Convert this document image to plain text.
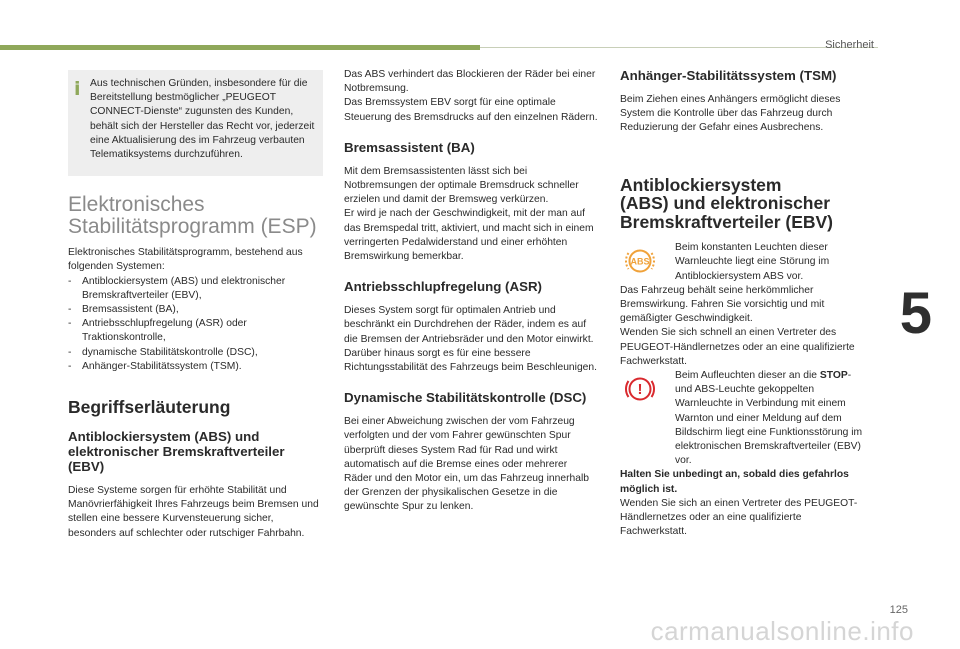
Sicherheit
5
i Aus technischen Gründen, insbesondere für die Bereitstellung bestmöglicher „PEUGEOT CONNECT-Dienste“ zugunsten des Kunden, behält sich der Hersteller das Recht vor, jederzeit eine Aktualisierung des im Fahrzeug verbauten Telematiksystems durchzuführen.

Elektronisches
Stabilitätsprogramm (ESP)

Elektronisches Stabilitätsprogramm, bestehend aus folgenden Systemen:

- Antiblockiersystem (ABS) und elektronischer Bremskraftverteiler (EBV),
- Bremsassistent (BA),
- Antriebsschlupfregelung (ASR) oder Traktionskontrolle,
- dynamische Stabilitätskontrolle (DSC),
- Anhänger-Stabilitätssystem (TSM).
Begriffserläuterung
Antiblockiersystem (ABS) und elektronischer Bremskraftverteiler (EBV)

Diese Systeme sorgen für erhöhte Stabilität und Manövrierfähigkeit Ihres Fahrzeugs beim Bremsen und stellen eine bessere Kurvensteuerung sicher, besonders auf schlechter oder rutschiger Fahrbahn.

Das ABS verhindert das Blockieren der Räder bei einer Notbremsung.

Das Bremssystem EBV sorgt für eine optimale Steuerung des Bremsdrucks auf den einzelnen Rädern.

Bremsassistent (BA)

Mit dem Bremsassistenten lässt sich bei Notbremsungen der optimale Bremsdruck schneller erzielen und damit der Bremsweg verkürzen.

Er wird je nach der Geschwindigkeit, mit der man auf das Bremspedal tritt, aktiviert, und macht sich in einem verringerten Pedalwiderstand und einer erhöhten Bremswirkung bemerkbar.

Antriebsschlupfregelung (ASR)

Dieses System sorgt für optimalen Antrieb und beschränkt ein Durchdrehen der Räder, indem es auf die Bremsen der Antriebsräder und den Motor einwirkt. Darüber hinaus sorgt es für eine bessere Richtungsstabilität des Fahrzeugs beim Beschleunigen.

Dynamische Stabilitätskontrolle (DSC)

Bei einer Abweichung zwischen der vom Fahrzeug verfolgten und der vom Fahrer gewünschten Spur überprüft dieses System Rad für Rad und wirkt automatisch auf die Bremse eines oder mehrerer Räder und den Motor ein, um das Fahrzeug innerhalb der Grenzen der physikalischen Gesetze in die gewünschte Spur zu lenken.

Anhänger-Stabilitätssystem (TSM)

Beim Ziehen eines Anhängers ermöglicht dieses System die Kontrolle über das Fahrzeug durch Reduzierung der Gefahr eines Ausbrechens.

Antiblockiersystem
(ABS) und elektronischer
Bremskraftverteiler (EBV)
ABS

Beim konstanten Leuchten dieser Warnleuchte liegt eine Störung im Antiblockiersystem ABS vor.

Das Fahrzeug behält seine herkömmlicher Bremswirkung. Fahren Sie vorsichtig und mit gemäßigter Geschwindigkeit.

Wenden Sie sich schnell an einen Vertreter des PEUGEOT-Händlernetzes oder an eine qualifizierte Fachwerkstatt.

!

Beim Aufleuchten dieser an die STOP- und ABS-Leuchte gekoppelten Warnleuchte in Verbindung mit einem Warnton und einer Meldung auf dem Bildschirm liegt eine Funktionsstörung im elektronischen Bremskraftverteiler (EBV) vor.

Halten Sie unbedingt an, sobald dies gefahrlos möglich ist.

Wenden Sie sich an einen Vertreter des PEUGEOT-Händlernetzes oder an eine qualifizierte Fachwerkstatt.

125
carmanualsonline.info
